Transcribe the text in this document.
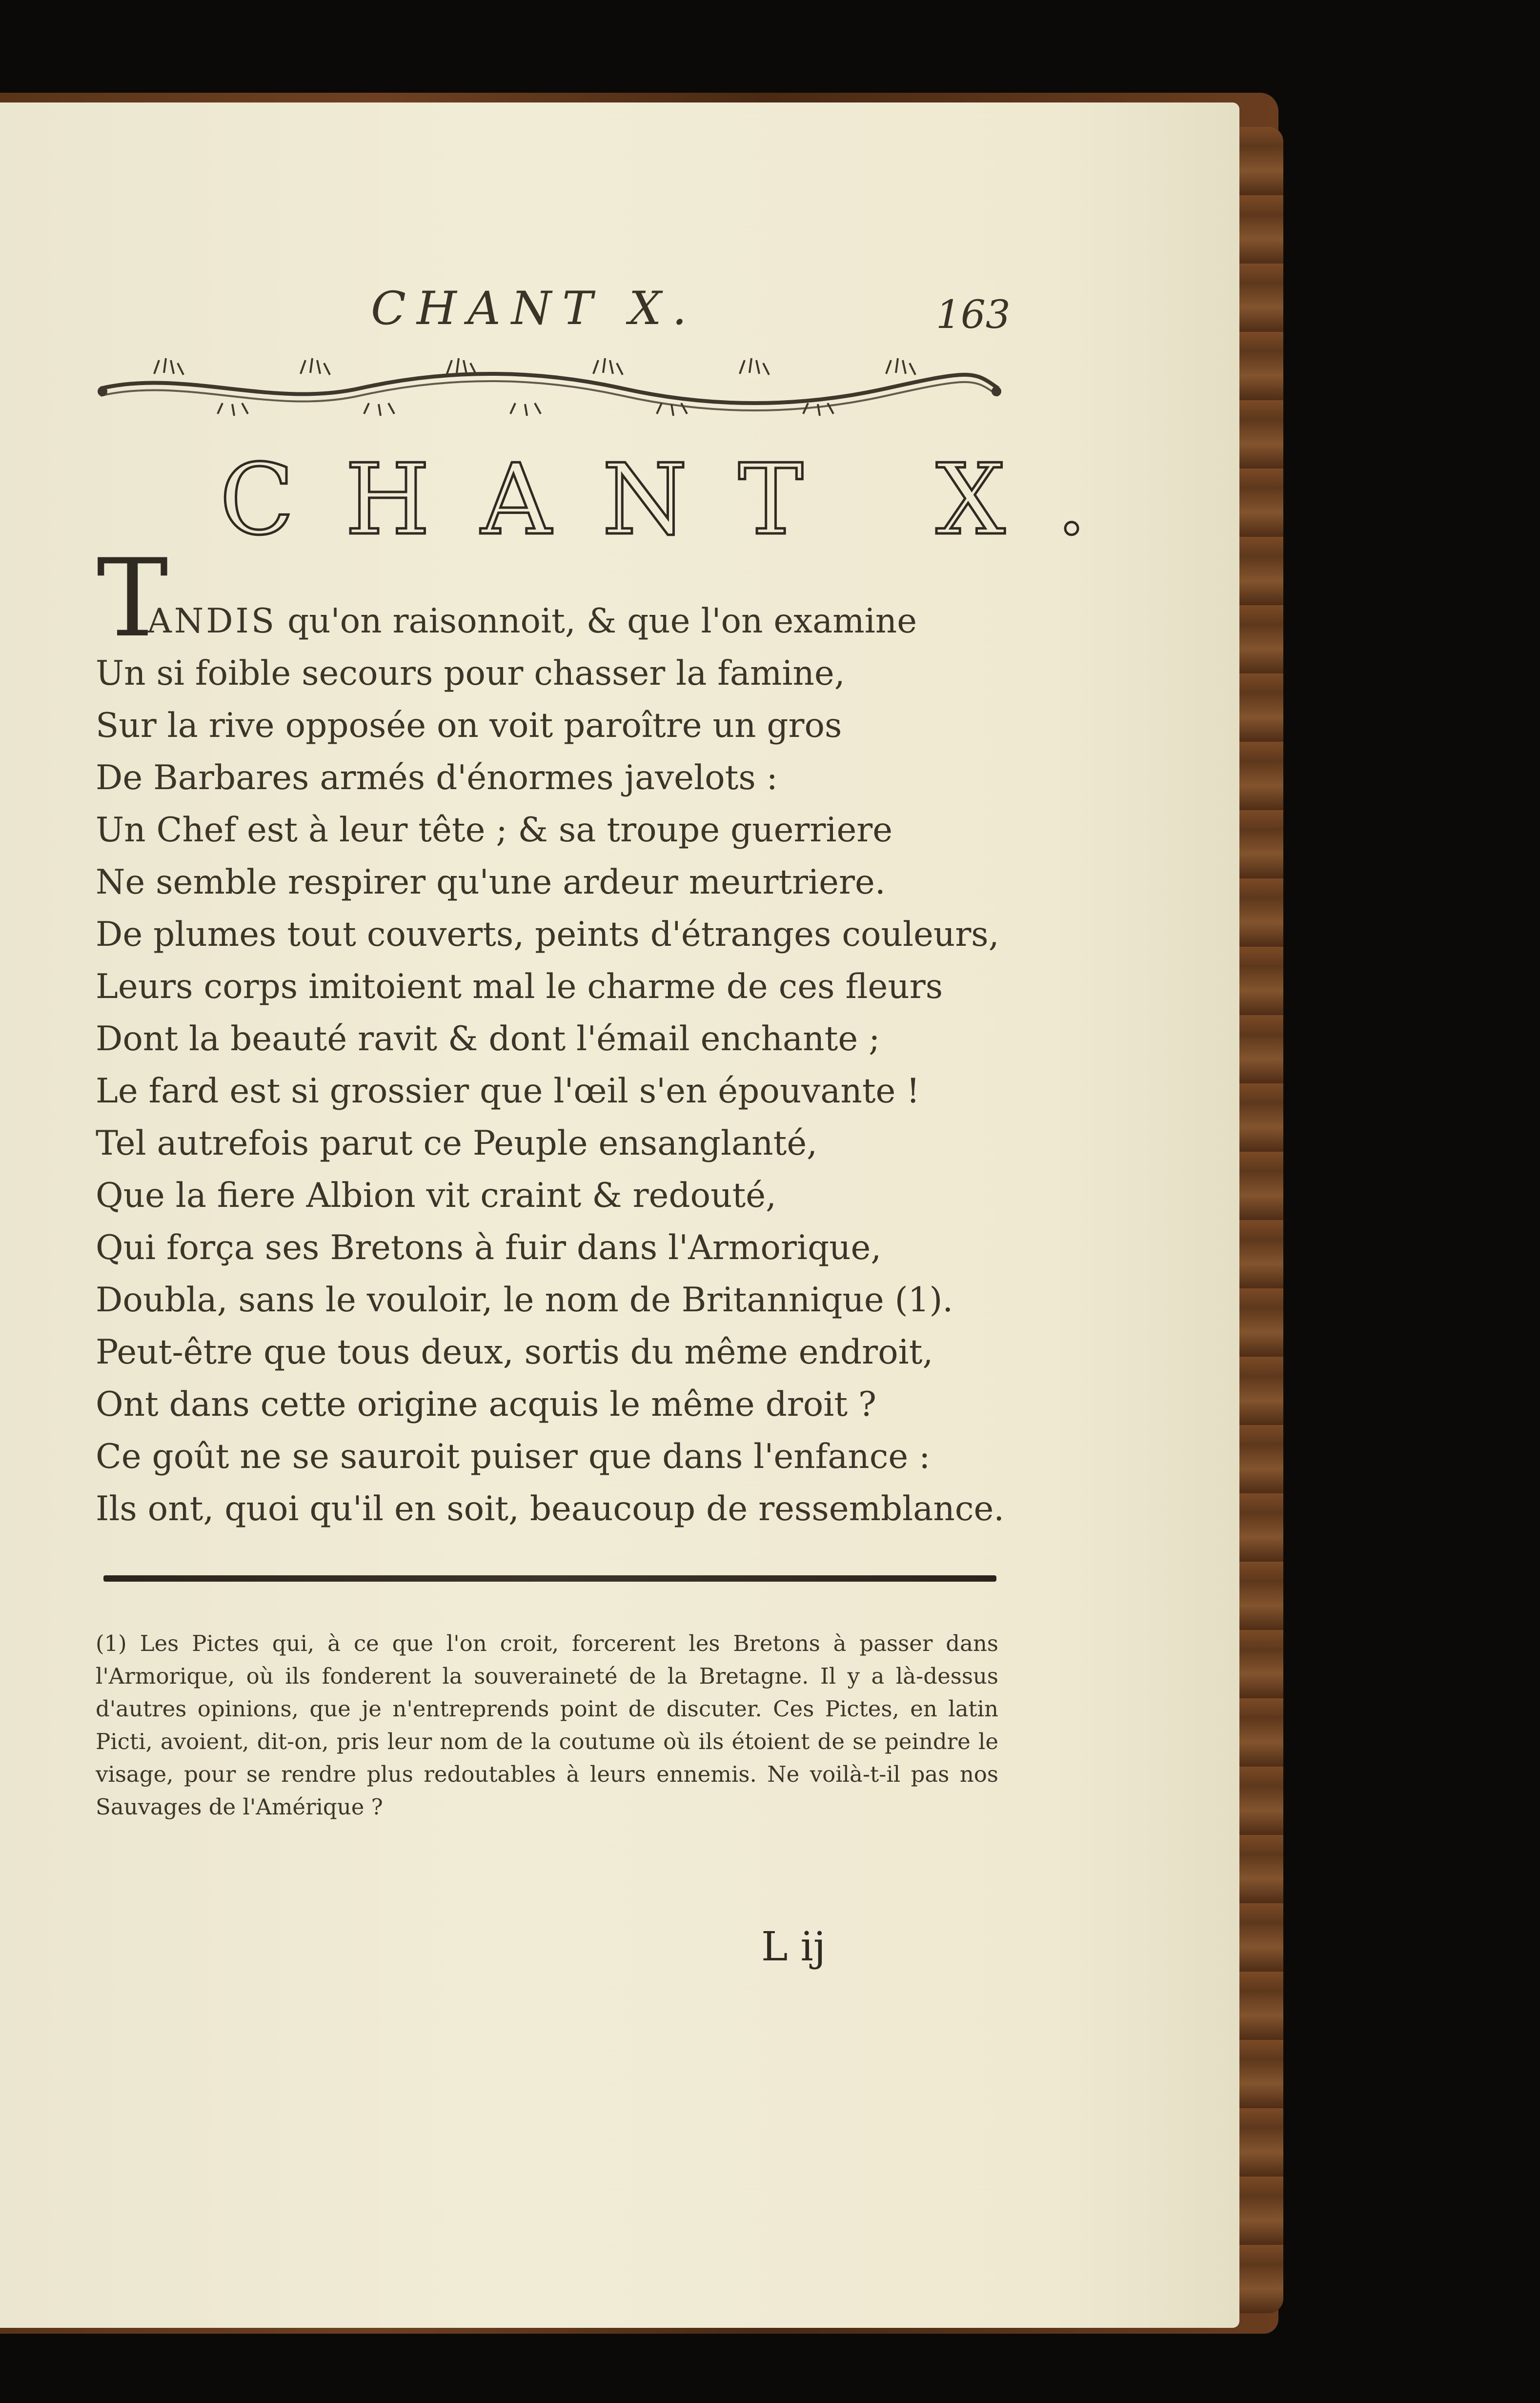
CHANT X.	163
CHANT X.
T
ANDIS qu'on raisonnoit, & que l'on examine
Un si foible secours pour chasser la famine,
Sur la rive opposée on voit paroître un gros
De Barbares armés d'énormes javelots :
Un Chef est à leur tête ; & sa troupe guerriere
Ne semble respirer qu'une ardeur meurtriere.
De plumes tout couverts, peints d'étranges couleurs,
Leurs corps imitoient mal le charme de ces fleurs
Dont la beauté ravit & dont l'émail enchante ;
Le fard est si grossier que l'œil s'en épouvante !
Tel autrefois parut ce Peuple ensanglanté,
Que la fiere Albion vit craint & redouté,
Qui força ses Bretons à fuir dans l'Armorique,
Doubla, sans le vouloir, le nom de Britannique (1).
Peut-être que tous deux, sortis du même endroit,
Ont dans cette origine acquis le même droit ?
Ce goût ne se sauroit puiser que dans l'enfance :
Ils ont, quoi qu'il en soit, beaucoup de ressemblance.

(1) Les Pictes qui, à ce que l'on croit, forcerent les Bretons à passer dans l'Armorique, où ils fonderent la souveraineté de la Bretagne. Il y a là-dessus d'autres opinions, que je n'entreprends point de discuter. Ces Pictes, en latin Picti, avoient, dit-on, pris leur nom de la coutume où ils étoient de se peindre le visage, pour se rendre plus redoutables à leurs ennemis. Ne voilà-t-il pas nos Sauvages de l'Amérique ?

L ij
